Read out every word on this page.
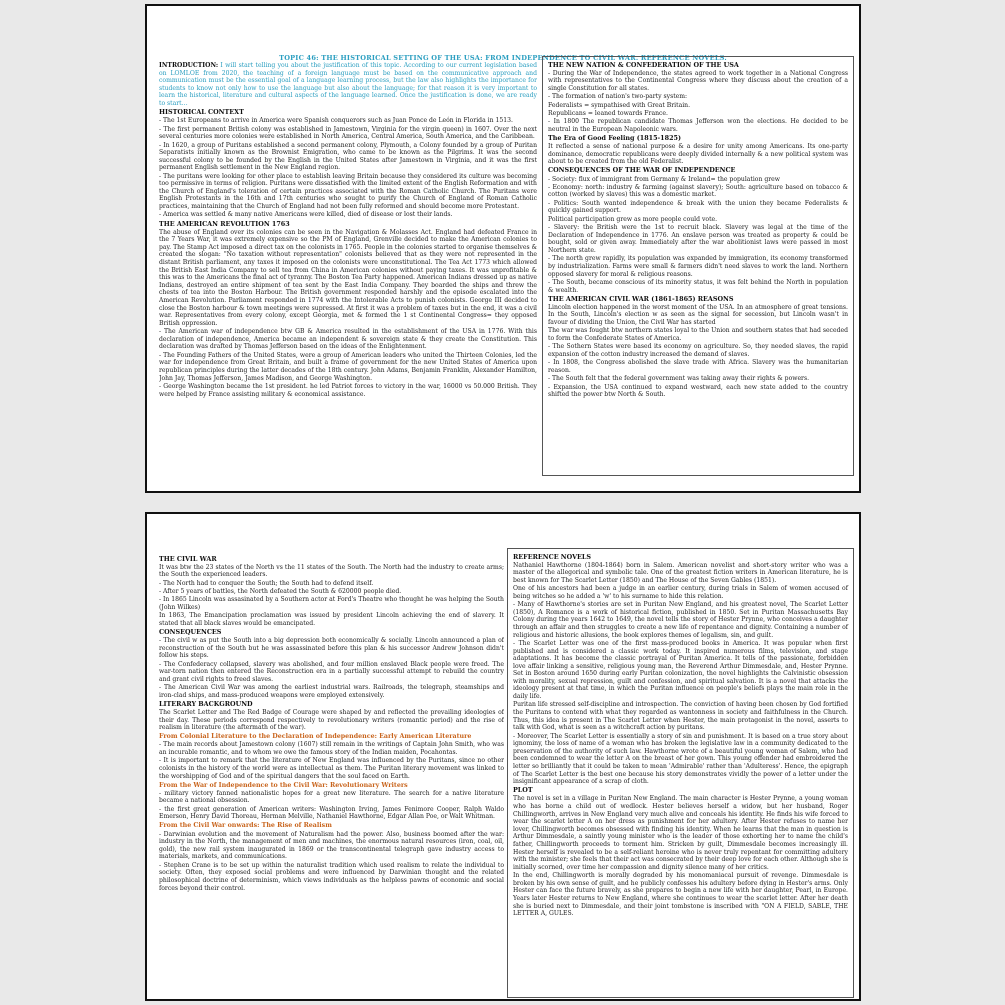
TOPIC 46: THE HISTORICAL SETTING OF THE USA: FROM INDEPENDENCE TO CIVIL WAR. REFERENCE NOVELS.
INTRODUCTION: I will start telling you about the justification of this topic. According to our current legislation based on LOMLOE from 2020, the teaching of a foreign language must be based on the communicative approach and communication must be the essential goal of a language learning process, but the law also highlights the importance for students to know not only how to use the language but also about the language; for that reason it is very important to learn the historical, literature and cultural aspects of the language learned. Once the justification is done, we are ready to start…
HISTORICAL CONTEXT
- The 1st Europeans to arrive in America were Spanish conquerors such as Juan Ponce de León in Florida in 1513.
- The first permanent British colony was established in Jamestown, Virginia for the virgin queen) in 1607. Over the next several centuries more colonies were established in North America, Central America, South America, and the Caribbean.
- In 1620, a group of Puritans established a second permanent colony, Plymouth, a Colony founded by a group of Puritan Separatists initially known as the Brownist Emigration, who came to be known as the Pilgrims. It was the second successful colony to be founded by the English in the United States after Jamestown in Virginia, and it was the first permanent English settlement in the New England region.
- The puritans were looking for other place to establish leaving Britain because they considered its culture was becoming too permissive in terms of religion. Puritans were dissatisfied with the limited extent of the English Reformation and with the Church of England's toleration of certain practices associated with the Roman Catholic Church. The Puritans were English Protestants in the 16th and 17th centuries who sought to purify the Church of England of Roman Catholic practices, maintaining that the Church of England had not been fully reformed and should become more Protestant.
- America was settled & many native Americans were killed, died of disease or lost their lands.
THE AMERICAN REVOLUTION 1763
The abuse of England over its colonies can be seen in the Navigation & Molasses Act. England had defeated France in the 7 Years War, it was extremely expensive so the PM of England, Grenville decided to make the American colonies to pay. The Stamp Act imposed a direct tax on the colonists in 1765. People in the colonies started to organise themselves & created the slogan: "No taxation without representation" colonists believed that as they were not represented in the distant British parliament, any taxes it imposed on the colonists were unconstitutional. The Tea Act 1773 which allowed the British East India Company to sell tea from China in American colonies without paying taxes. It was unprofitable & this was to the Americans the final act of tyranny. The Boston Tea Party happened. American Indians dressed up as native Indians, destroyed an entire shipment of tea sent by the East India Company. They boarded the ships and threw the chests of tea into the Boston Harbour. The British government responded harshly and the episode escalated into the American Revolution. Parliament responded in 1774 with the Intolerable Acts to punish colonists. George III decided to close the Boston harbour & town meetings were supressed. At first it was a problem of taxes but in the end, it was a civil war. Representatives from every colony, except Georgia, met & formed the 1 st Continental Congress= they opposed British oppression.
- The American war of independence btw GB & America resulted in the establishment of the USA in 1776. With this declaration of independence, America became an independent & sovereign state & they create the Constitution. This declaration was drafted by Thomas Jefferson based on the ideas of the Enlightenment.
- The Founding Fathers of the United States, were a group of American leaders who united the Thirteen Colonies, led the war for independence from Great Britain, and built a frame of government for the new United States of America upon republican principles during the latter decades of the 18th century. John Adams, Benjamin Franklin, Alexander Hamilton, John Jay, Thomas Jefferson, James Madison, and George Washington.
- George Washington became the 1st president. he led Patriot forces to victory in the war, 16000 vs 50.000 British. They were helped by France assisting military & economical assistance.
THE NEW NATION & CONFEDERATION OF THE USA
- During the War of Independence, the states agreed to work together in a National Congress with representatives to the Continental Congress where they discuss about the creation of a single Constitution for all states.
- The formation of nation's two-party system:
Federalists = sympathised with Great Britain.
Republicans = leaned towards France.
- In 1800 The republican candidate Thomas Jefferson won the elections. He decided to be neutral in the European Napoleonic wars.
The Era of Good Feeling (1815-1825)
It reflected a sense of national purpose & a desire for unity among Americans. Its one-party dominance, democratic republicans were deeply divided internally & a new political system was about to be created from the old Federalist.
CONSEQUENCES OF THE WAR OF INDEPENDENCE
- Society: flux of immigrant from Germany & Ireland= the population grew
- Economy: north: industry & farming (against slavery); South: agriculture based on tobacco & cotton (worked by slaves) this was a domestic market.
- Politics: South wanted independence & break with the union they became Federalists & quickly gained support.
Political participation grew as more people could vote.
- Slavery: the British were the 1st to recruit black. Slavery was legal at the time of the Declaration of Independence in 1776. An enslave person was treated as property & could be bought, sold or given away. Immediately after the war abolitionist laws were passed in most Northern state.
- The north grew rapidly, its population was expanded by immigration, its economy transformed by industrialization. Farms were small & farmers didn't need slaves to work the land. Northern opposed slavery for moral & religious reasons.
- The South, became conscious of its minority status, it was felt behind the North in population & wealth.
THE AMERICAN CIVIL WAR (1861-1865) REASONS
Lincoln election happened in the worst moment of the USA. In an atmosphere of great tensions. In the South, Lincoln's election w as seen as the signal for secession, but Lincoln wasn't in favour of dividing the Union, the Civil War has started
The war was fought btw northern states loyal to the Union and southern states that had seceded to form the Confederate States of America.
- The Sothern States were based its economy on agriculture. So, they needed slaves, the rapid expansion of the cotton industry increased the demand of slaves.
- In 1808, the Congress abolished the slave trade with Africa. Slavery was the humanitarian reason.
- The South felt that the federal government was taking away their rights & powers.
- Expansion, the USA continued to expand westward, each new state added to the country shifted the power btw North & South.
THE CIVIL WAR
It was btw the 23 states of the North vs the 11 states of the South. The North had the industry to create arms; the South the experienced leaders.
- The North had to conquer the South; the South had to defend itself.
- After 5 years of battles, the North defeated the South & 620000 people died.
- In 1865 Lincoln was assasinated by a Southern actor at Ford's Theatre who thought he was helping the South (John Wilkes)
In 1863, The Emancipation proclamation was issued by president Lincoln achieving the end of slavery. It stated that all black slaves would be emancipated.
CONSEQUENCES
- The civil w as put the South into a big depression both economically & socially. Lincoln announced a plan of reconstruction of the South but he was assassinated before this plan & his successor Andrew Johnson didn't follow his steps.
- The Confederacy collapsed, slavery was abolished, and four million enslaved Black people were freed. The war-torn nation then entered the Reconstruction era in a partially successful attempt to rebuild the country and grant civil rights to freed slaves.
- The American Civil War was among the earliest industrial wars. Railroads, the telegraph, steamships and iron-clad ships, and mass-produced weapons were employed extensively.
LITERARY BACKGROUND
The Scarlet Letter and The Red Badge of Courage were shaped by and reflected the prevailing ideologies of their day. These periods correspond respectively to revolutionary writers (romantic period) and the rise of realism in literature (the aftermath of the war).
From Colonial Literature to the Declaration of Independence: Early American Literature
- The main records about Jamestown colony (1607) still remain in the writings of Captain John Smith, who was an incurable romantic, and to whom we owe the famous story of the Indian maiden, Pocahontas.
- It is important to remark that the literature of New England was influenced by the Puritans, since no other colonists in the history of the world were as intellectual as them. The Puritan literary movement was linked to the worshipping of God and of the spiritual dangers that the soul faced on Earth.
From the War of Independence to the Civil War: Revolutionary Writers
- military victory fanned nationalistic hopes for a great new literature. The search for a native literature became a national obsession.
- the first great generation of American writers: Washington Irving, James Fenimore Cooper, Ralph Waldo Emerson, Henry David Thoreau, Herman Melville, Nathaniel Hawthorne, Edgar Allan Poe, or Walt Whitman.
From the Civil War onwards: The Rise of Realism
- Darwinian evolution and the movement of Naturalism had the power. Also, business boomed after the war: industry in the North, the management of men and machines, the enormous natural resources (iron, coal, oil, gold), the new rail system inaugurated in 1869 or the transcontinental telegraph gave industry access to materials, markets, and communications.
- Stephen Crane is to be set up within the naturalist tradition which used realism to relate the individual to society. Often, they exposed social problems and were influenced by Darwinian thought and the related philosophical doctrine of determinism, which views individuals as the helpless pawns of economic and social forces beyond their control.
REFERENCE NOVELS
Nathaniel Hawthorne (1804-1864) born in Salem. American novelist and short-story writer who was a master of the allegorical and symbolic tale. One of the greatest fiction writers in American literature, he is best known for The Scarlet Letter (1850) and The House of the Seven Gables (1851).
One of his ancestors had been a judge in an earlier century, during trials in Salem of women accused of being witches so he added a 'w' to his surname to hide this relation.
- Many of Hawthorne's stories are set in Puritan New England, and his greatest novel, The Scarlet Letter (1850), A Romance is a work of historical fiction, published in 1850. Set in Puritan Massachusetts Bay Colony during the years 1642 to 1649, the novel tells the story of Hester Prynne, who conceives a daughter through an affair and then struggles to create a new life of repentance and dignity. Containing a number of religious and historic allusions, the book explores themes of legalism, sin, and guilt.
- The Scarlet Letter was one of the first mass-produced books in America. It was popular when first published and is considered a classic work today. It inspired numerous films, television, and stage adaptations. It has become the classic portrayal of Puritan America. It tells of the passionate, forbidden love affair linking a sensitive, religious young man, the Reverend Arthur Dimmesdale, and, Hester Prynne. Set in Boston around 1650 during early Puritan colonization, the novel highlights the Calvinistic obsession with morality, sexual repression, guilt and confession, and spiritual salvation. It is a novel that attacks the ideology present at that time, in which the Puritan influence on people's beliefs plays the main role in the daily life.
Puritan life stressed self-discipline and introspection. The conviction of having been chosen by God fortified the Puritans to contend with what they regarded as wantonness in society and faithfulness in the Church. Thus, this idea is present in The Scarlet Letter when Hester, the main protagonist in the novel, asserts to talk with God, what is seen as a witchcraft action by puritans.
- Moreover, The Scarlet Letter is essentially a story of sin and punishment. It is based on a true story about ignominy, the loss of name of a woman who has broken the legislative law in a community dedicated to the preservation of the authority of such law. Hawthorne wrote of a beautiful young woman of Salem, who had been condemned to wear the letter A on the breast of her gown. This young offender had embroidered the letter so brilliantly that it could be taken to mean 'Admirable' rather than 'Adulteress'. Hence, the epigraph of The Scarlet Letter is the best one because his story demonstrates vividly the power of a letter under the insignificant appearance of a scrap of cloth.
PLOT
The novel is set in a village in Puritan New England. The main character is Hester Prynne, a young woman who has borne a child out of wedlock. Hester believes herself a widow, but her husband, Roger Chillingworth, arrives in New England very much alive and conceals his identity. He finds his wife forced to wear the scarlet letter A on her dress as punishment for her adultery. After Hester refuses to name her lover, Chillingworth becomes obsessed with finding his identity. When he learns that the man in question is Arthur Dimmesdale, a saintly young minister who is the leader of those exhorting her to name the child's father, Chillingworth proceeds to torment him. Stricken by guilt, Dimmesdale becomes increasingly ill. Hester herself is revealed to be a self-reliant heroine who is never truly repentant for committing adultery with the minister; she feels that their act was consecrated by their deep love for each other. Although she is initially scorned, over time her compassion and dignity silence many of her critics.
In the end, Chillingworth is morally degraded by his monomaniacal pursuit of revenge. Dimmesdale is broken by his own sense of guilt, and he publicly confesses his adultery before dying in Hester's arms. Only Hester can face the future bravely, as she prepares to begin a new life with her daughter, Pearl, in Europe. Years later Hester returns to New England, where she continues to wear the scarlet letter. After her death she is buried next to Dimmesdale, and their joint tombstone is inscribed with "ON A FIELD, SABLE, THE LETTER A, GULES.
